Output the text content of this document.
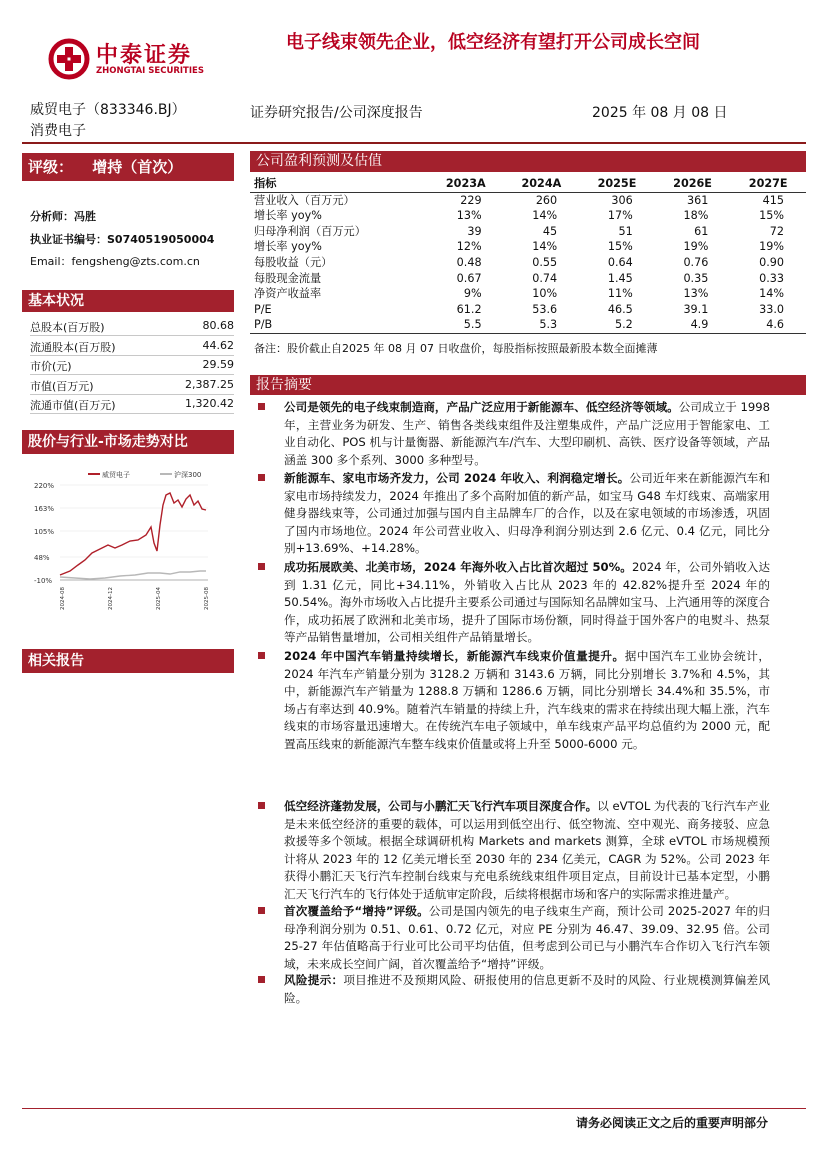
中泰证券
ZHONGTAI SECURITIES
电子线束领先企业，低空经济有望打开公司成长空间
威贸电子（833346.BJ）
消费电子
证券研究报告/公司深度报告	2025 年 08 月 08 日
评级： 增持（首次）
分析师：冯胜
执业证书编号：S0740519050004
Email：fengsheng@zts.com.cn
基本状况
总股本(百万股)	80.68
流通股本(百万股)	44.62
市价(元)	29.59
市值(百万元)	2,387.25
流通市值(百万元)	1,320.42
股价与行业-市场走势对比
威贸电子	沪深300
220%
163%
105%
48%
-10%
2024-08	2024-12	2025-04	2025-08
相关报告
公司盈利预测及估值
指标	2023A	2024A	2025E	2026E	2027E
营业收入（百万元）	229	260	306	361	415
增长率 yoy%	13%	14%	17%	18%	15%
归母净利润（百万元）	39	45	51	61	72
增长率 yoy%	12%	14%	15%	19%	19%
每股收益（元）	0.48	0.55	0.64	0.76	0.90
每股现金流量	0.67	0.74	1.45	0.35	0.33
净资产收益率	9%	10%	11%	13%	14%
P/E	61.2	53.6	46.5	39.1	33.0
P/B	5.5	5.3	5.2	4.9	4.6
备注：股价截止自2025 年 08 月 07 日收盘价，每股指标按照最新股本数全面摊薄
报告摘要
公司是领先的电子线束制造商，产品广泛应用于新能源车、低空经济等领域。公司成立于 1998 年，主营业务为研发、生产、销售各类线束组件及注塑集成件，产品广泛应用于智能家电、工业自动化、POS 机与计量衡器、新能源汽车/汽车、大型印刷机、高铁、医疗设备等领域，产品涵盖 300 多个系列、3000 多种型号。
新能源车、家电市场齐发力，公司 2024 年收入、利润稳定增长。公司近年来在新能源汽车和家电市场持续发力，2024 年推出了多个高附加值的新产品，如宝马 G48 车灯线束、高端家用健身器线束等，公司通过加强与国内自主品牌车厂的合作，以及在家电领域的市场渗透，巩固了国内市场地位。2024 年公司营业收入、归母净利润分别达到 2.6 亿元、0.4 亿元，同比分别+13.69%、+14.28%。
成功拓展欧美、北美市场，2024 年海外收入占比首次超过 50%。2024 年，公司外销收入达到 1.31 亿元，同比+34.11%，外销收入占比从 2023 年的 42.82%提升至 2024 年的 50.54%。海外市场收入占比提升主要系公司通过与国际知名品牌如宝马、上汽通用等的深度合作，成功拓展了欧洲和北美市场，提升了国际市场份额，同时得益于国外客户的电熨斗、热泵等产品销售量增加，公司相关组件产品销量增长。
2024 年中国汽车销量持续增长，新能源汽车线束价值量提升。据中国汽车工业协会统计，2024 年汽车产销量分别为 3128.2 万辆和 3143.6 万辆，同比分别增长 3.7%和 4.5%，其中，新能源汽车产销量为 1288.8 万辆和 1286.6 万辆，同比分别增长 34.4%和 35.5%，市场占有率达到 40.9%。随着汽车销量的持续上升，汽车线束的需求在持续出现大幅上涨，汽车线束的市场容量迅速增大。在传统汽车电子领域中，单车线束产品平均总值约为 2000 元，配置高压线束的新能源汽车整车线束价值量或将上升至 5000-6000 元。
低空经济蓬勃发展，公司与小鹏汇天飞行汽车项目深度合作。以 eVTOL 为代表的飞行汽车产业是未来低空经济的重要的载体，可以运用到低空出行、低空物流、空中观光、商务接驳、应急救援等多个领域。根据全球调研机构 Markets and markets 测算，全球 eVTOL 市场规模预计将从 2023 年的 12 亿美元增长至 2030 年的 234 亿美元，CAGR 为 52%。公司 2023 年获得小鹏汇天飞行汽车控制台线束与充电系统线束组件项目定点，目前设计已基本定型，小鹏汇天飞行汽车的飞行体处于适航审定阶段，后续将根据市场和客户的实际需求推进量产。
首次覆盖给予“增持”评级。公司是国内领先的电子线束生产商，预计公司 2025-2027 年的归母净利润分别为 0.51、0.61、0.72 亿元，对应 PE 分别为 46.47、39.09、32.95 倍。公司 25-27 年估值略高于行业可比公司平均估值，但考虑到公司已与小鹏汽车合作切入飞行汽车领域，未来成长空间广阔，首次覆盖给予“增持”评级。
风险提示：项目推进不及预期风险、研报使用的信息更新不及时的风险、行业规模测算偏差风险。
请务必阅读正文之后的重要声明部分
